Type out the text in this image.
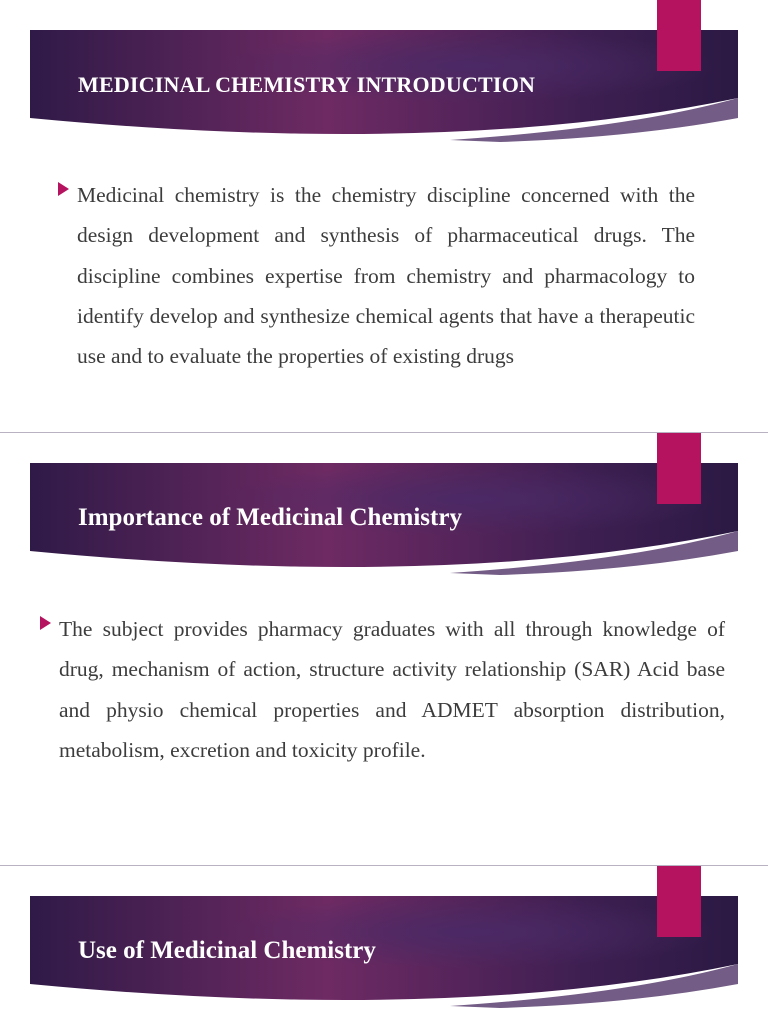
MEDICINAL CHEMISTRY INTRODUCTION
Medicinal chemistry is the chemistry discipline concerned with the design development and synthesis of pharmaceutical drugs. The discipline combines expertise from chemistry and pharmacology to identify develop and synthesize chemical agents that have a therapeutic use and to evaluate the properties of existing drugs
Importance of Medicinal Chemistry
The subject provides pharmacy graduates with all through knowledge of drug, mechanism of action, structure activity relationship (SAR) Acid base and physio chemical properties and ADMET absorption distribution, metabolism, excretion and toxicity profile.
Use of Medicinal Chemistry
